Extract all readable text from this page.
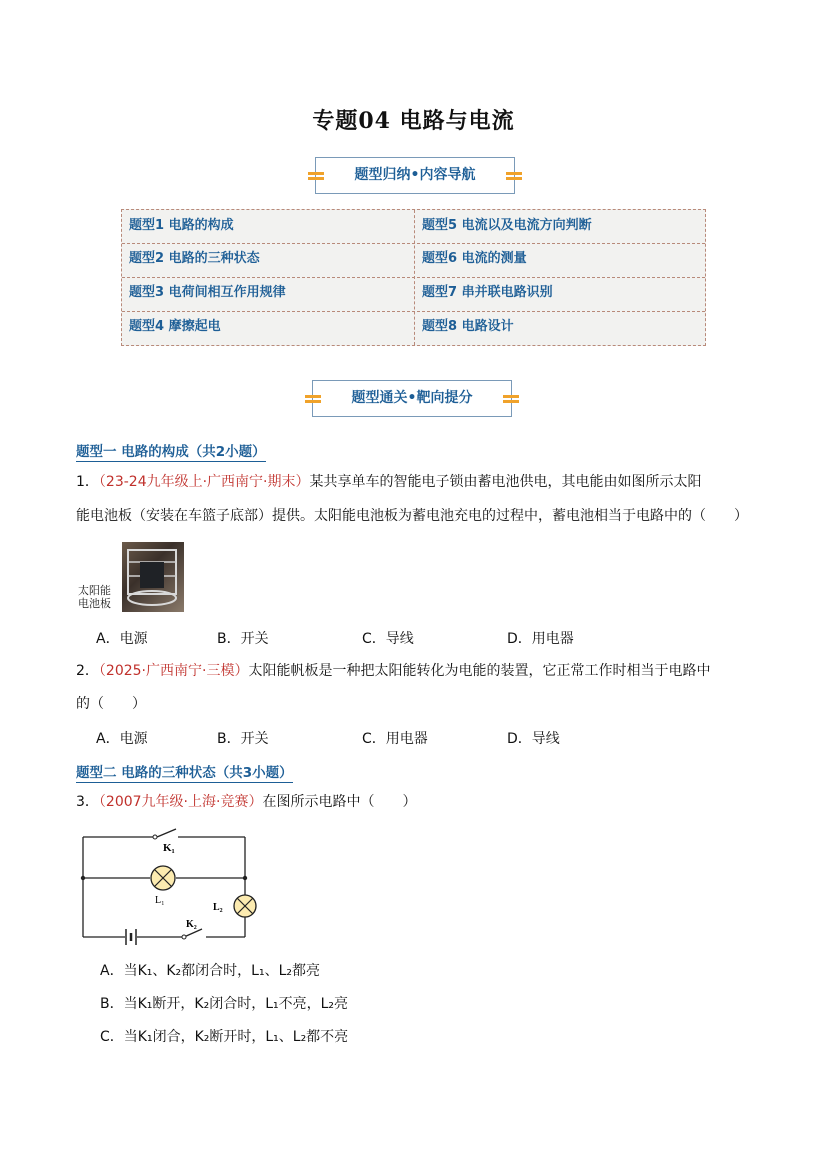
专题04 电路与电流
题型归纳•内容导航
题型1 电路的构成	题型5 电流以及电流方向判断
题型2 电路的三种状态	题型6 电流的测量
题型3 电荷间相互作用规律	题型7 串并联电路识别
题型4 摩擦起电	题型8 电路设计
题型通关•靶向提分
题型一 电路的构成（共2小题）
1．（23-24九年级上·广西南宁·期末）某共享单车的智能电子锁由蓄电池供电，其电能由如图所示太阳
能电池板（安装在车篮子底部）提供。太阳能电池板为蓄电池充电的过程中，蓄电池相当于电路中的（　　）
太阳能
电池板
A．电源	B．开关	C．导线	D．用电器
2．（2025·广西南宁·三模）太阳能帆板是一种把太阳能转化为电能的装置，它正常工作时相当于电路中
的（　　）
A．电源	B．开关	C．用电器	D．导线
题型二 电路的三种状态（共3小题）
3．（2007九年级·上海·竞赛）在图所示电路中（　　）
K₁
L₁
L₂
K₂
A．当K₁、K₂都闭合时，L₁、L₂都亮
B．当K₁断开，K₂闭合时，L₁不亮，L₂亮
C．当K₁闭合，K₂断开时，L₁、L₂都不亮
